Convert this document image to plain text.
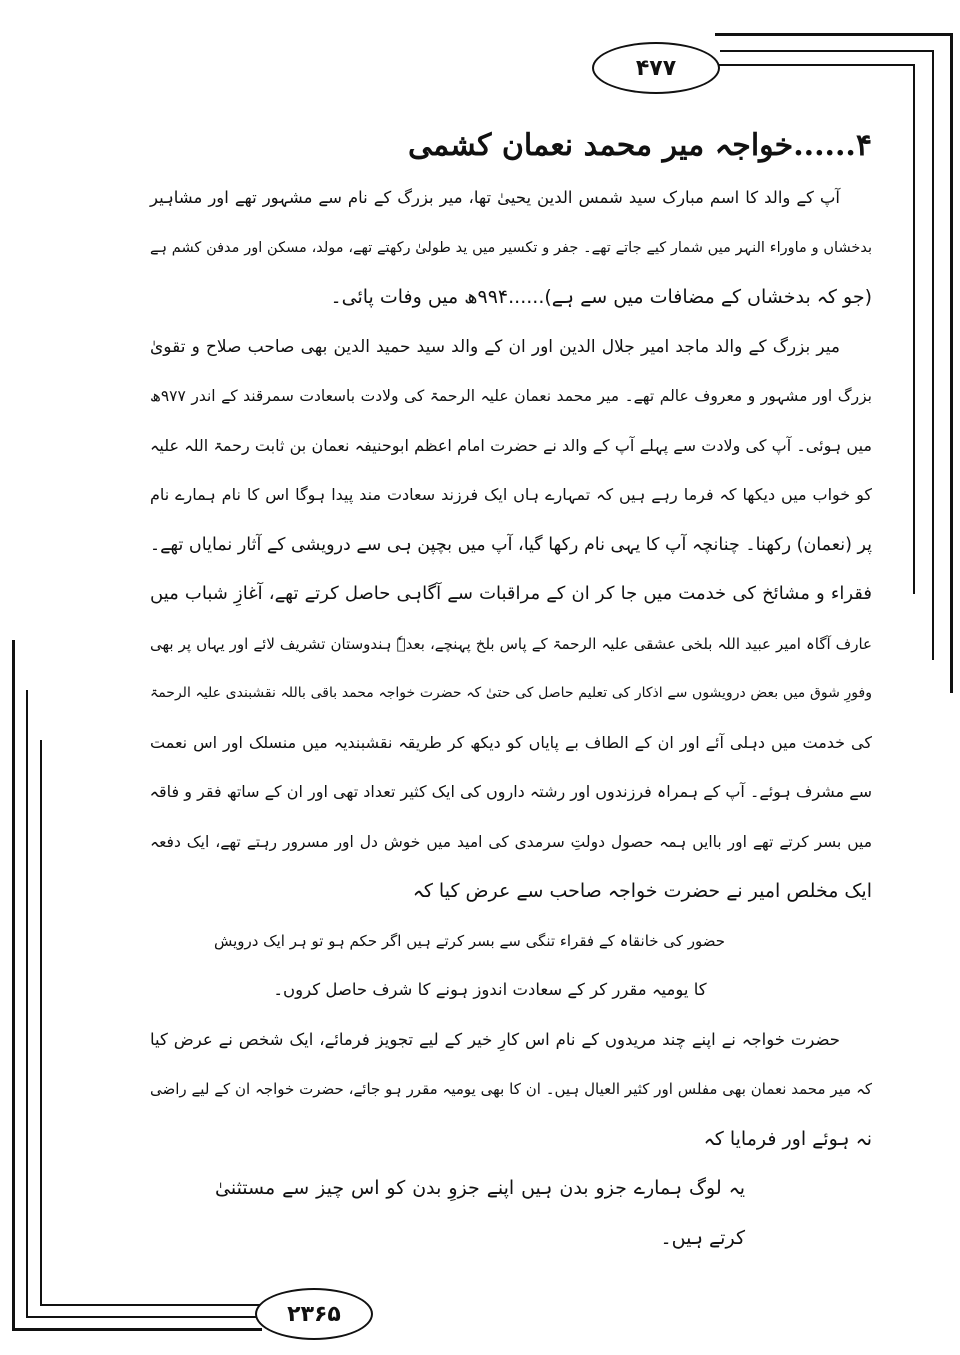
۴۷۷
۲۳۶۵
۴......خواجہ میر محمد نعمان کشمی
آپ کے والد کا اسم مبارک سید شمس الدین یحییٰ تھا، میر بزرگ کے نام سے مشہور تھے اور مشاہیر
بدخشاں و ماوراء النہر میں شمار کیے جاتے تھے۔ جفر و تکسیر میں ید طولیٰ رکھتے تھے، مولد، مسکن اور مدفن کشم ہے
(جو کہ بدخشاں کے مضافات میں سے ہے)......۹۹۴ھ میں وفات پائی۔
میر بزرگ کے والد ماجد امیر جلال الدین اور ان کے والد سید حمید الدین بھی صاحب صلاح و تقویٰ
بزرگ اور مشہور و معروف عالم تھے۔ میر محمد نعمان علیہ الرحمۃ کی ولادت باسعادت سمرقند کے اندر ۹۷۷ھ
میں ہوئی۔ آپ کی ولادت سے پہلے آپ کے والد نے حضرت امام اعظم ابوحنیفہ نعمان بن ثابت رحمۃ اللہ علیہ
کو خواب میں دیکھا کہ فرما رہے ہیں کہ تمہارے ہاں ایک فرزند سعادت مند پیدا ہوگا اس کا نام ہمارے نام
پر (نعمان) رکھنا۔ چنانچہ آپ کا یہی نام رکھا گیا، آپ میں بچپن ہی سے درویشی کے آثار نمایاں تھے۔
فقراء و مشائخ کی خدمت میں جا کر ان کے مراقبات سے آگاہی حاصل کرتے تھے، آغازِ شباب میں
عارف آگاہ امیر عبید اللہ بلخی عشقی علیہ الرحمۃ کے پاس بلخ پہنچے، بعدہٗ ہندوستان تشریف لائے اور یہاں پر بھی
وفورِ شوق میں بعض درویشوں سے اذکار کی تعلیم حاصل کی حتیٰ کہ حضرت خواجہ محمد باقی باللہ نقشبندی علیہ الرحمۃ
کی خدمت میں دہلی آئے اور ان کے الطاف بے پایاں کو دیکھ کر طریقہ نقشبندیہ میں منسلک اور اس نعمت
سے مشرف ہوئے۔ آپ کے ہمراہ فرزندوں اور رشتہ داروں کی ایک کثیر تعداد تھی اور ان کے ساتھ فقر و فاقہ
میں بسر کرتے تھے اور باایں ہمہ حصول دولتِ سرمدی کی امید میں خوش دل اور مسرور رہتے تھے، ایک دفعہ
ایک مخلص امیر نے حضرت خواجہ صاحب سے عرض کیا کہ
حضور کی خانقاہ کے فقراء تنگی سے بسر کرتے ہیں اگر حکم ہو تو ہر ایک درویش
کا یومیہ مقرر کر کے سعادت اندوز ہونے کا شرف حاصل کروں۔
حضرت خواجہ نے اپنے چند مریدوں کے نام اس کارِ خیر کے لیے تجویز فرمائے، ایک شخص نے عرض کیا
کہ میر محمد نعمان بھی مفلس اور کثیر العیال ہیں۔ ان کا بھی یومیہ مقرر ہو جائے، حضرت خواجہ ان کے لیے راضی
نہ ہوئے اور فرمایا کہ
یہ لوگ ہمارے جزو بدن ہیں اپنے جزوِ بدن کو اس چیز سے مستثنیٰ
کرتے ہیں۔
